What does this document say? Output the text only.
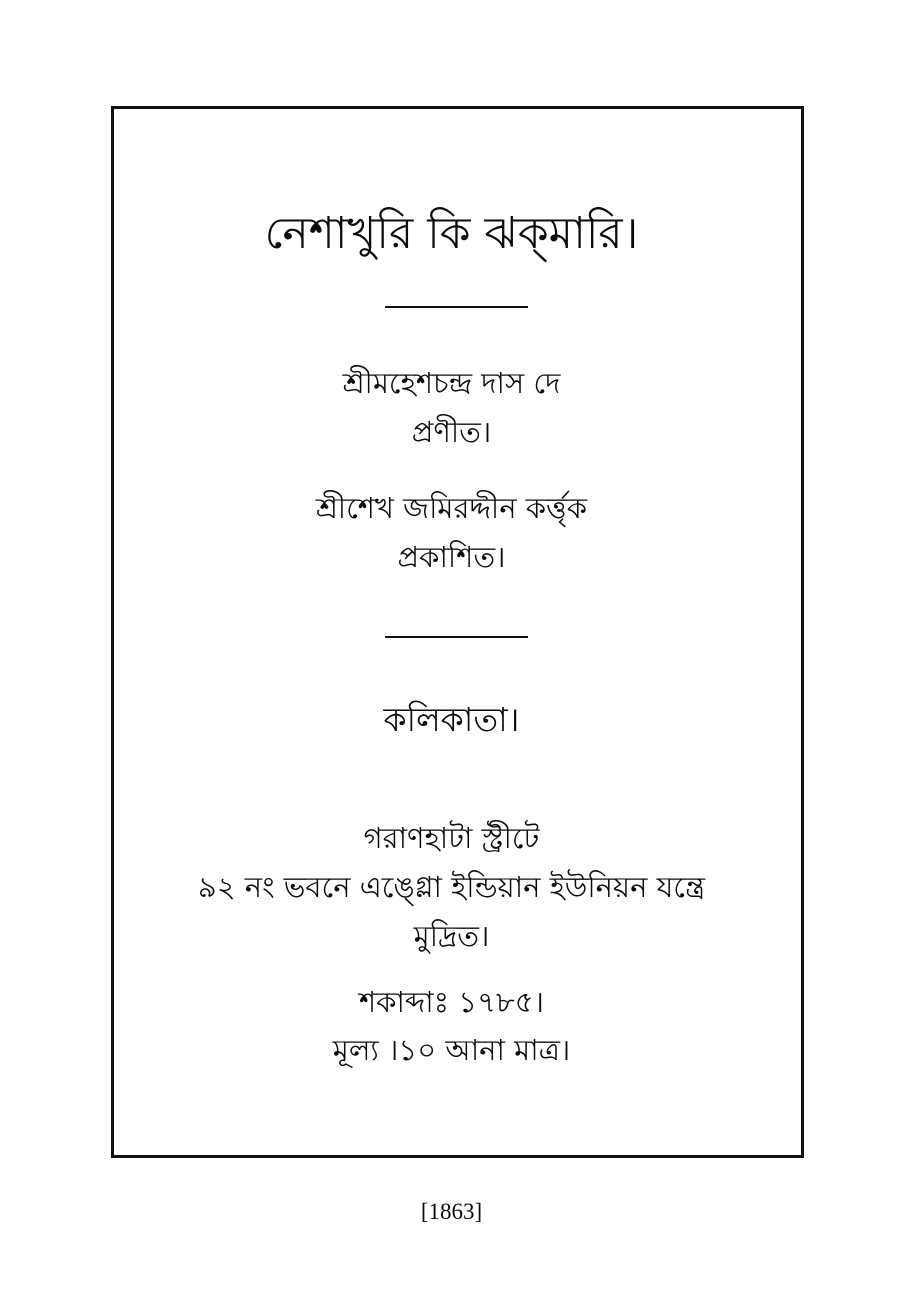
নেশাখুরি কি ঝক্‌মারি।
শ্রীমহেশচন্দ্র দাস দে
প্রণীত।
শ্রীশেখ জমিরদ্দীন কর্ত্তৃক
প্রকাশিত।
কলিকাতা।
গরাণহাটা স্ট্রীটে
৯২ নং ভবনে এঙ্গ্লো ইন্ডিয়ান ইউনিয়ন যন্ত্রে
মুদ্রিত।
শকাব্দাঃ ১৭৮৫।
মূল্য ।১০ আনা মাত্র।
[1863]
